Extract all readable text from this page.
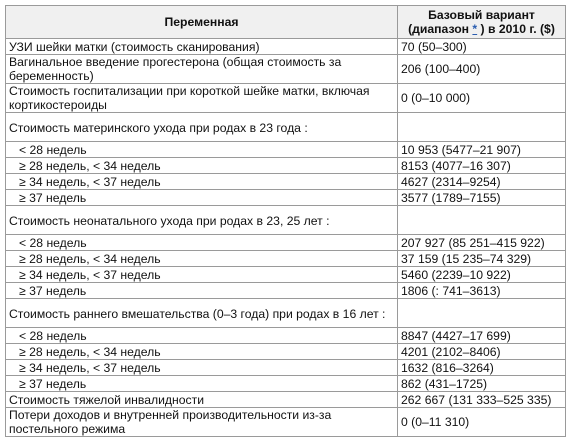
Переменная	Базовый вариант
(диапазон * ) в 2010 г. ($)
УЗИ шейки матки (стоимость сканирования)	70 (50–300)
Вагинальное введение прогестерона (общая стоимость за беременность)	206 (100–400)
Стоимость госпитализации при короткой шейке матки, включая кортикостероиды	0 (0–10 000)
Стоимость материнского ухода при родах в 23 года :	
< 28 недель	10 953 (5477–21 907)
≥ 28 недель, < 34 недель	8153 (4077–16 307)
≥ 34 недель, < 37 недель	4627 (2314–9254)
≥ 37 недель	3577 (1789–7155)
Стоимость неонатального ухода при родах в 23, 25 лет :	
< 28 недель	207 927 (85 251–415 922)
≥ 28 недель, < 34 недель	37 159 (15 235–74 329)
≥ 34 недель, < 37 недель	5460 (2239–10 922)
≥ 37 недель	1806 (: 741–3613)
Стоимость раннего вмешательства (0–3 года) при родах в 16 лет :	
< 28 недель	8847 (4427–17 699)
≥ 28 недель, < 34 недель	4201 (2102–8406)
≥ 34 недель, < 37 недель	1632 (816–3264)
≥ 37 недель	862 (431–1725)
Стоимость тяжелой инвалидности	262 667 (131 333–525 335)
Потери доходов и внутренней производительности из-за постельного режима	0 (0–11 310)
